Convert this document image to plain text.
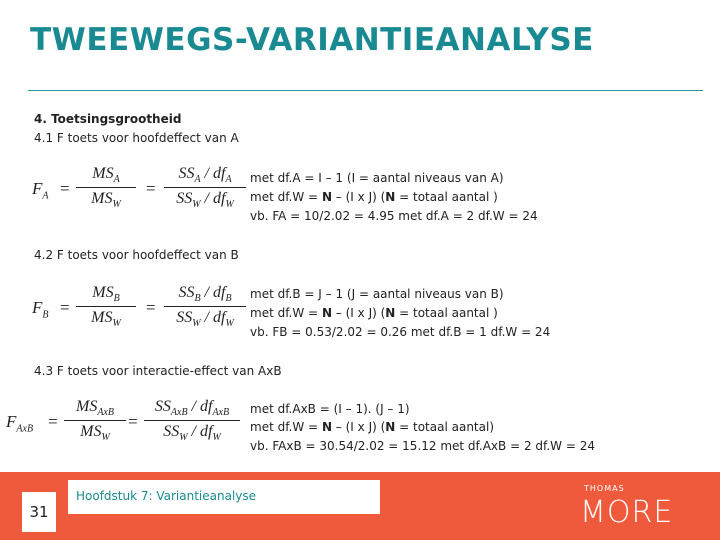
TWEEWEGS-VARIANTIEANALYSE
4. Toetsingsgrootheid
4.1 F toets voor hoofdeffect van A
$F_A$ =
$MS_A$
$MS_W$
=
$SS_A / df_A$
$SS_W / df_W$
met df.A = I – 1 (I = aantal niveaus van A)
met df.W = N – (I x J) (N = totaal aantal )
vb. FA = 10/2.02 = 4.95 met df.A = 2 df.W = 24
4.2 F toets voor hoofdeffect van B
$F_B$ =
$MS_B$
$MS_W$
=
$SS_B / df_B$
$SS_W / df_W$
met df.B = J – 1 (J = aantal niveaus van B)
met df.W = N – (I x J) (N = totaal aantal )
vb. FB = 0.53/2.02 = 0.26 met df.B = 1 df.W = 24
4.3 F toets voor interactie-effect van AxB
$F_{AxB}$ =
$MS_{AxB}$
$MS_W$
=
$SS_{AxB} / df_{AxB}$
$SS_W / df_W$
met df.AxB = (I – 1). (J – 1)
met df.W = N – (I x J) (N = totaal aantal)
vb. FAxB = 30.54/2.02 = 15.12 met df.AxB = 2 df.W = 24
31
Hoofdstuk 7: Variantieanalyse
THOMAS
MORE
